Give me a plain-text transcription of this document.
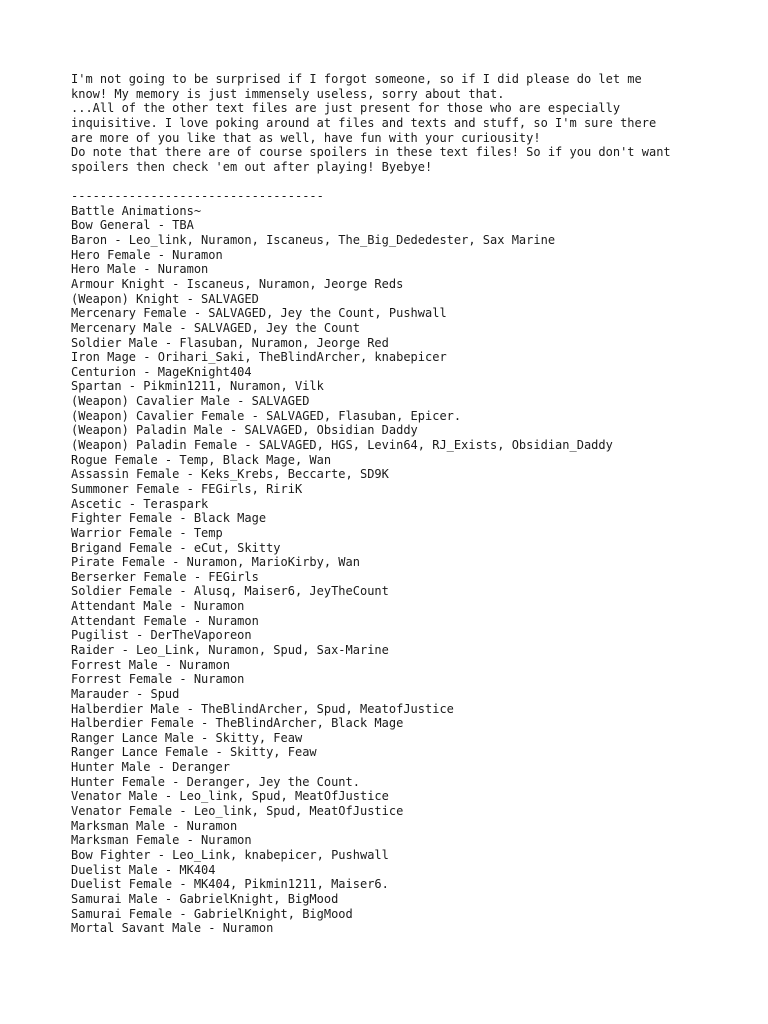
I'm not going to be surprised if I forgot someone, so if I did please do let me
know! My memory is just immensely useless, sorry about that.
...All of the other text files are just present for those who are especially
inquisitive. I love poking around at files and texts and stuff, so I'm sure there
are more of you like that as well, have fun with your curiousity!
Do note that there are of course spoilers in these text files! So if you don't want
spoilers then check 'em out after playing! Byebye!
-----------------------------------
Battle Animations~
Bow General - TBA
Baron - Leo_link, Nuramon, Iscaneus, The_Big_Dededester, Sax Marine
Hero Female - Nuramon
Hero Male - Nuramon
Armour Knight - Iscaneus, Nuramon, Jeorge Reds
(Weapon) Knight - SALVAGED
Mercenary Female - SALVAGED, Jey the Count, Pushwall
Mercenary Male - SALVAGED, Jey the Count
Soldier Male - Flasuban, Nuramon, Jeorge Red
Iron Mage - Orihari_Saki, TheBlindArcher, knabepicer
Centurion - MageKnight404
Spartan - Pikmin1211, Nuramon, Vilk
(Weapon) Cavalier Male - SALVAGED
(Weapon) Cavalier Female - SALVAGED, Flasuban, Epicer.
(Weapon) Paladin Male - SALVAGED, Obsidian Daddy
(Weapon) Paladin Female - SALVAGED, HGS, Levin64, RJ_Exists, Obsidian_Daddy
Rogue Female - Temp, Black Mage, Wan
Assassin Female - Keks_Krebs, Beccarte, SD9K
Summoner Female - FEGirls, RiriK
Ascetic - Teraspark
Fighter Female - Black Mage
Warrior Female - Temp
Brigand Female - eCut, Skitty
Pirate Female - Nuramon, MarioKirby, Wan
Berserker Female - FEGirls
Soldier Female - Alusq, Maiser6, JeyTheCount
Attendant Male - Nuramon
Attendant Female - Nuramon
Pugilist - DerTheVaporeon
Raider - Leo_Link, Nuramon, Spud, Sax-Marine
Forrest Male - Nuramon
Forrest Female - Nuramon
Marauder - Spud
Halberdier Male - TheBlindArcher, Spud, MeatofJustice
Halberdier Female - TheBlindArcher, Black Mage
Ranger Lance Male - Skitty, Feaw
Ranger Lance Female - Skitty, Feaw
Hunter Male - Deranger
Hunter Female - Deranger, Jey the Count.
Venator Male - Leo_link, Spud, MeatOfJustice
Venator Female - Leo_link, Spud, MeatOfJustice
Marksman Male - Nuramon
Marksman Female - Nuramon
Bow Fighter - Leo_Link, knabepicer, Pushwall
Duelist Male - MK404
Duelist Female - MK404, Pikmin1211, Maiser6.
Samurai Male - GabrielKnight, BigMood
Samurai Female - GabrielKnight, BigMood
Mortal Savant Male - Nuramon
